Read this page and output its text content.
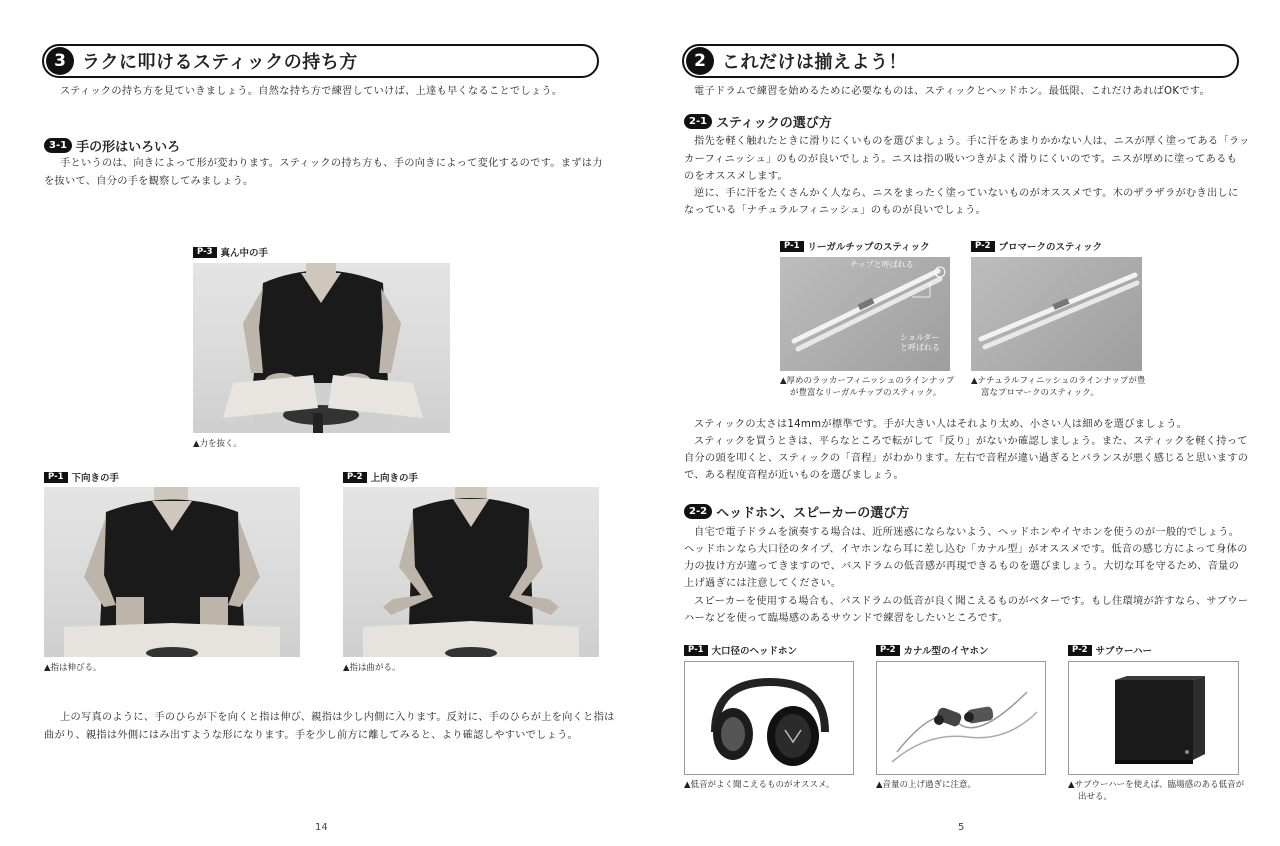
3 ラクに叩けるスティックの持ち方
スティックの持ち方を見ていきましょう。自然な持ち方で練習していけば、上達も早くなることでしょう。
3-1 手の形はいろいろ
手というのは、向きによって形が変わります。スティックの持ち方も、手の向きによって変化するのです。まずは力
を抜いて、自分の手を観察してみましょう。
P-3 真ん中の手
▲力を抜く。
P-1 下向きの手
▲指は伸びる。
P-2 上向きの手
▲指は曲がる。
上の写真のように、手のひらが下を向くと指は伸び、親指は少し内側に入ります。反対に、手のひらが上を向くと指は
曲がり、親指は外側にはみ出すような形になります。手を少し前方に離してみると、より確認しやすいでしょう。
14
2 これだけは揃えよう！
電子ドラムで練習を始めるために必要なものは、スティックとヘッドホン。最低限、これだけあればOKです。
2-1 スティックの選び方
指先を軽く触れたときに滑りにくいものを選びましょう。手に汗をあまりかかない人は、ニスが厚く塗ってある「ラッ
カーフィニッシュ」のものが良いでしょう。ニスは指の吸いつきがよく滑りにくいのです。ニスが厚めに塗ってあるも
のをオススメします。
逆に、手に汗をたくさんかく人なら、ニスをまったく塗っていないものがオススメです。木のザラザラがむき出しに
なっている「ナチュラルフィニッシュ」のものが良いでしょう。
P-1 リーガルチップのスティック
チップと呼ばれる
ショルダー
と呼ばれる
▲厚めのラッカーフィニッシュのラインナップ
が豊富なリーガルチップのスティック。
P-2 プロマークのスティック
▲ナチュラルフィニッシュのラインナップが豊
富なプロマークのスティック。
スティックの太さは14mmが標準です。手が大きい人はそれより太め、小さい人は細めを選びましょう。
スティックを買うときは、平らなところで転がして「反り」がないか確認しましょう。また、スティックを軽く持って
自分の頭を叩くと、スティックの「音程」がわかります。左右で音程が違い過ぎるとバランスが悪く感じると思いますの
で、ある程度音程が近いものを選びましょう。
2-2 ヘッドホン、スピーカーの選び方
自宅で電子ドラムを演奏する場合は、近所迷惑にならないよう、ヘッドホンやイヤホンを使うのが一般的でしょう。
ヘッドホンなら大口径のタイプ、イヤホンなら耳に差し込む「カナル型」がオススメです。低音の感じ方によって身体の
力の抜け方が違ってきますので、バスドラムの低音感が再現できるものを選びましょう。大切な耳を守るため、音量の
上げ過ぎには注意してください。
スピーカーを使用する場合も、バスドラムの低音が良く聞こえるものがベターです。もし住環境が許すなら、サブウー
ハーなどを使って臨場感のあるサウンドで練習をしたいところです。
P-1 大口径のヘッドホン
▲低音がよく聞こえるものがオススメ。
P-2 カナル型のイヤホン
▲音量の上げ過ぎに注意。
P-2 サブウーハー
▲サブウーハーを使えば、臨場感のある低音が
出せる。
5
